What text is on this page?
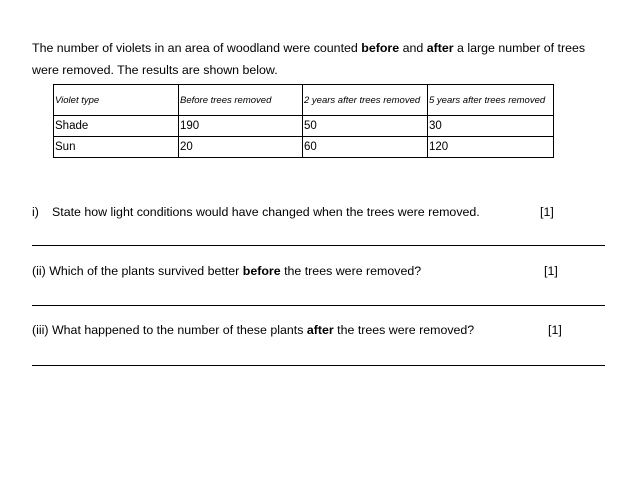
The number of violets in an area of woodland were counted before and after a large number of trees were removed. The results are shown below.

Violet type	Before trees removed	2 years after trees removed	5 years after trees removed
Shade	190	50	30
Sun	20	60	120

i) State how light conditions would have changed when the trees were removed.	[1]

(ii) Which of the plants survived better before the trees were removed?	[1]

(iii) What happened to the number of these plants after the trees were removed?	[1]
